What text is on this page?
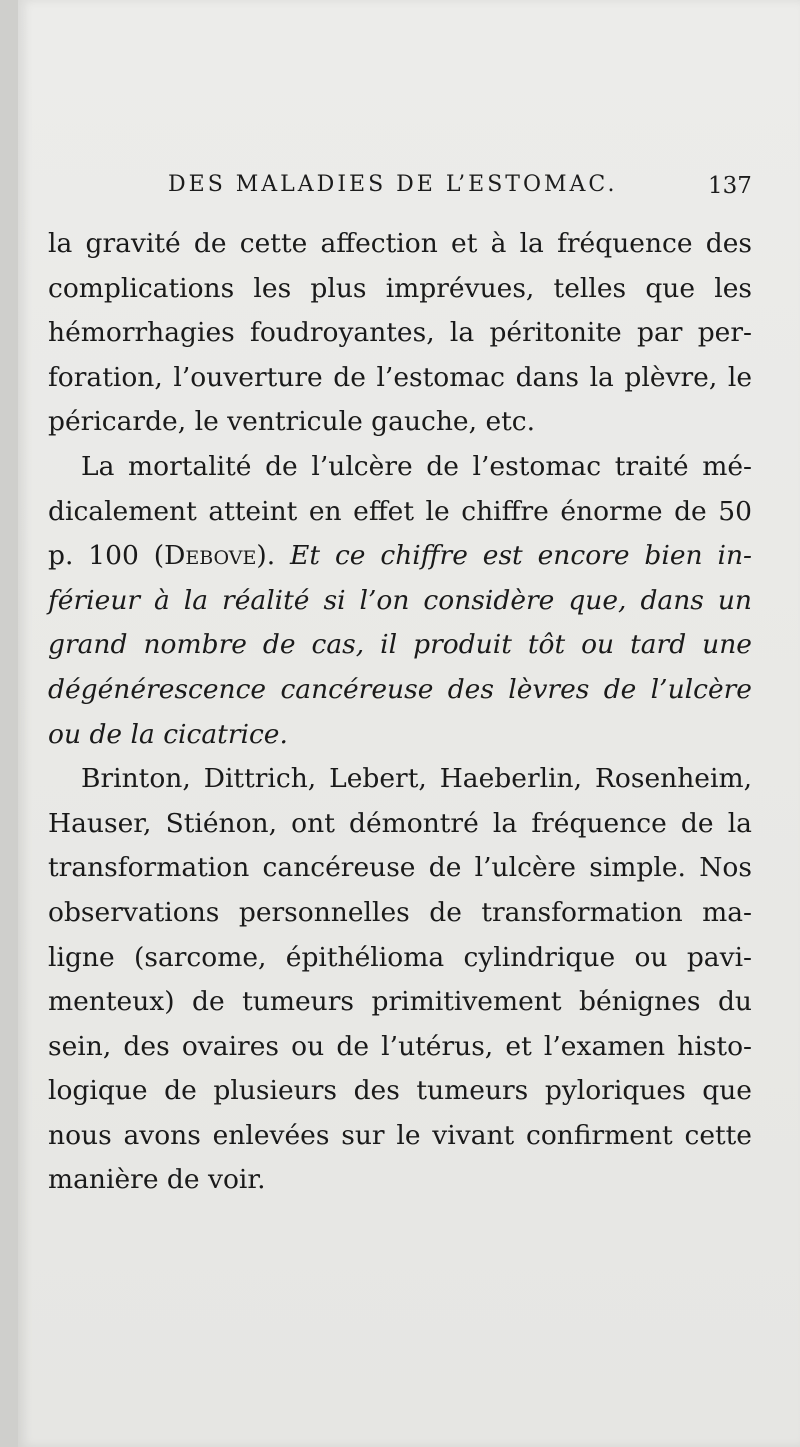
DES MALADIES DE L’ESTOMAC.	137

la gravité de cette affection et à la fréquence des complications les plus imprévues, telles que les hémorrhagies foudroyantes, la péritonite par per-foration, l’ouverture de l’estomac dans la plèvre, le péricarde, le ventricule gauche, etc.

La mortalité de l’ulcère de l’estomac traité mé-dicalement atteint en effet le chiffre énorme de 50 p. 100 (Debove). Et ce chiffre est encore bien in-férieur à la réalité si l’on considère que, dans un grand nombre de cas, il produit tôt ou tard une dégénérescence cancéreuse des lèvres de l’ulcère ou de la cicatrice.

Brinton, Dittrich, Lebert, Haeberlin, Rosenheim, Hauser, Stiénon, ont démontré la fréquence de la transformation cancéreuse de l’ulcère simple. Nos observations personnelles de transformation ma-ligne (sarcome, épithélioma cylindrique ou pavi-menteux) de tumeurs primitivement bénignes du sein, des ovaires ou de l’utérus, et l’examen histo-logique de plusieurs des tumeurs pyloriques que nous avons enlevées sur le vivant confirment cette manière de voir.
